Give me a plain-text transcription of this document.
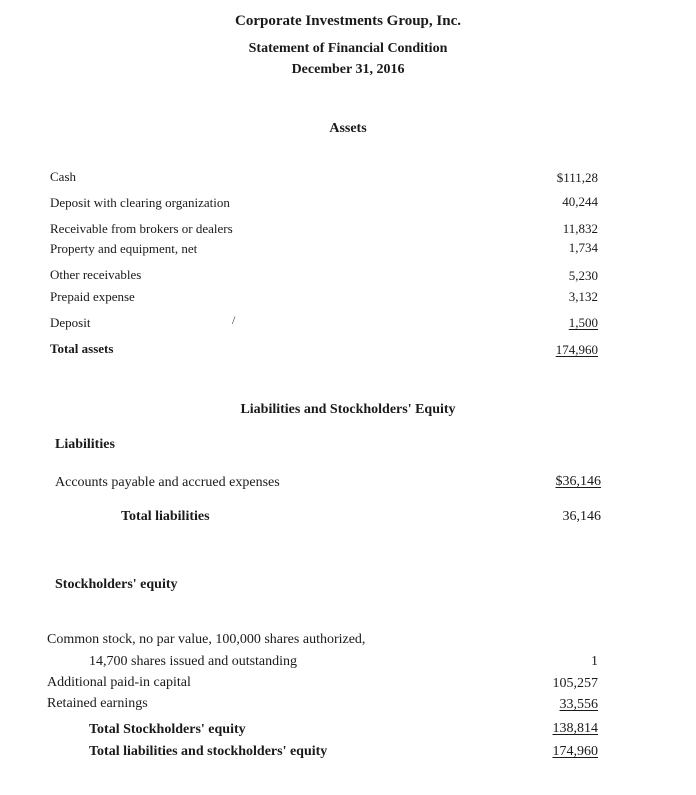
Corporate Investments Group, Inc.
Statement of Financial Condition
December 31, 2016
Assets
Cash	$111,28
Deposit with clearing organization	40,244
Receivable from brokers or dealers	11,832
Property and equipment, net	1,734
Other receivables	5,230
Prepaid expense	3,132
Deposit	/	1,500
Total assets	174,960
Liabilities and Stockholders' Equity
Liabilities
Accounts payable and accrued expenses	$36,146
Total liabilities	36,146
Stockholders' equity
Common stock, no par value, 100,000 shares authorized,
14,700 shares issued and outstanding	1
Additional paid-in capital	105,257
Retained earnings	33,556
Total Stockholders' equity	138,814
Total liabilities and stockholders' equity	174,960
